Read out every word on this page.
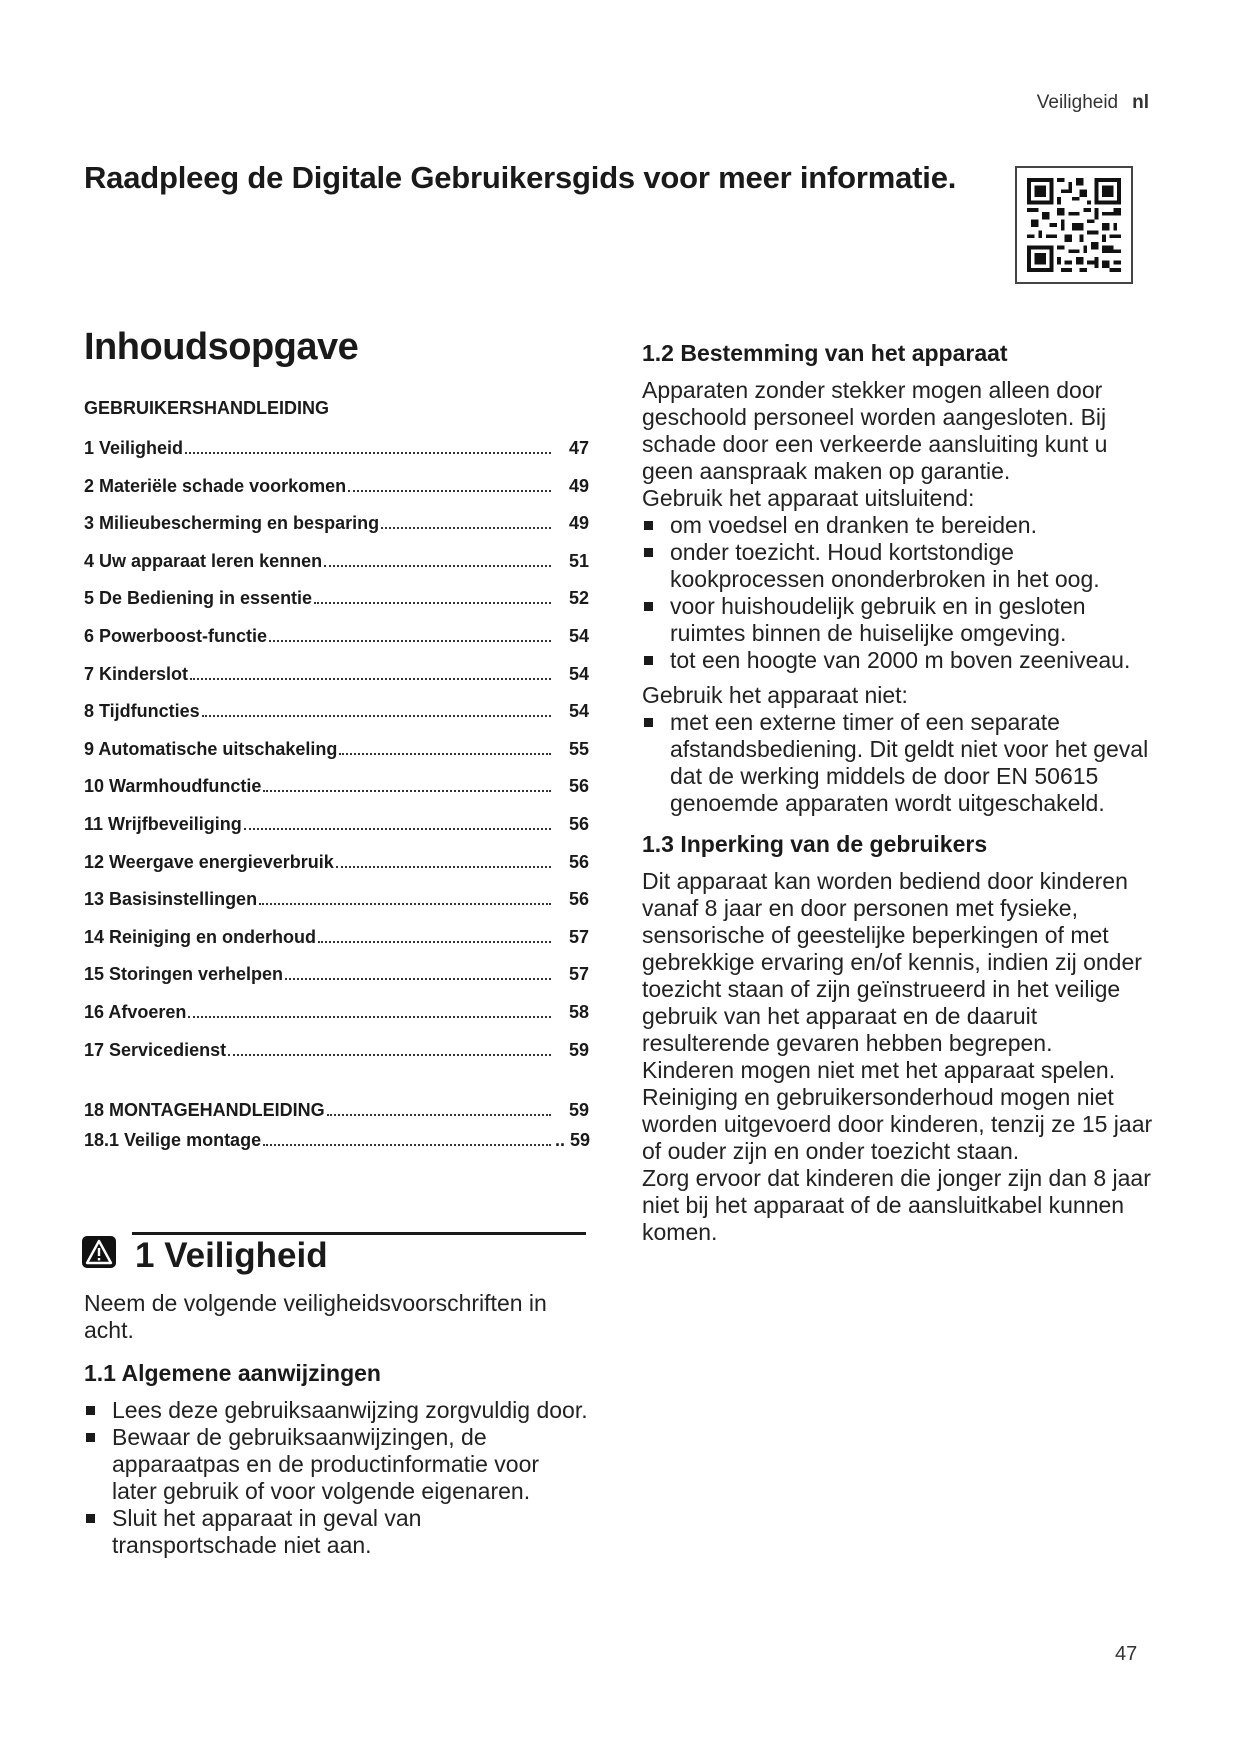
Veiligheid nl
Raadpleeg de Digitale Gebruikersgids voor meer informatie.
Inhoudsopgave
GEBRUIKERSHANDLEIDING
1 Veiligheid	47
2 Materiële schade voorkomen	49
3 Milieubescherming en besparing	49
4 Uw apparaat leren kennen	51
5 De Bediening in essentie	52
6 Powerboost-functie	54
7 Kinderslot	54
8 Tijdfuncties	54
9 Automatische uitschakeling	55
10 Warmhoudfunctie	56
11 Wrijfbeveiliging	56
12 Weergave energieverbruik	56
13 Basisinstellingen	56
14 Reiniging en onderhoud	57
15 Storingen verhelpen	57
16 Afvoeren	58
17 Servicedienst	59
18 MONTAGEHANDLEIDING	59
18.1 Veilige montage	.. 59
1 Veiligheid

Neem de volgende veiligheidsvoorschriften in acht.

1.1 Algemene aanwijzingen
Lees deze gebruiksaanwijzing zorgvuldig door.
Bewaar de gebruiksaanwijzingen, de apparaatpas en de productinformatie voor later gebruik of voor volgende eigenaren.
Sluit het apparaat in geval van transportschade niet aan.
1.2 Bestemming van het apparaat

Apparaten zonder stekker mogen alleen door geschoold personeel worden aangesloten. Bij schade door een verkeerde aansluiting kunt u geen aanspraak maken op garantie.

Gebruik het apparaat uitsluitend:

om voedsel en dranken te bereiden.
onder toezicht. Houd kortstondige kookprocessen ononderbroken in het oog.
voor huishoudelijk gebruik en in gesloten ruimtes binnen de huiselijke omgeving.
tot een hoogte van 2000 m boven zeeniveau.

Gebruik het apparaat niet:

met een externe timer of een separate afstandsbediening. Dit geldt niet voor het geval dat de werking middels de door EN 50615 genoemde apparaten wordt uitgeschakeld.
1.3 Inperking van de gebruikers

Dit apparaat kan worden bediend door kinderen vanaf 8 jaar en door personen met fysieke, sensorische of geestelijke beperkingen of met gebrekkige ervaring en/of kennis, indien zij onder toezicht staan of zijn geïnstrueerd in het veilige gebruik van het apparaat en de daaruit resulterende gevaren hebben begrepen.

Kinderen mogen niet met het apparaat spelen.

Reiniging en gebruikersonderhoud mogen niet worden uitgevoerd door kinderen, tenzij ze 15 jaar of ouder zijn en onder toezicht staan.

Zorg ervoor dat kinderen die jonger zijn dan 8 jaar niet bij het apparaat of de aansluitkabel kunnen komen.

47
